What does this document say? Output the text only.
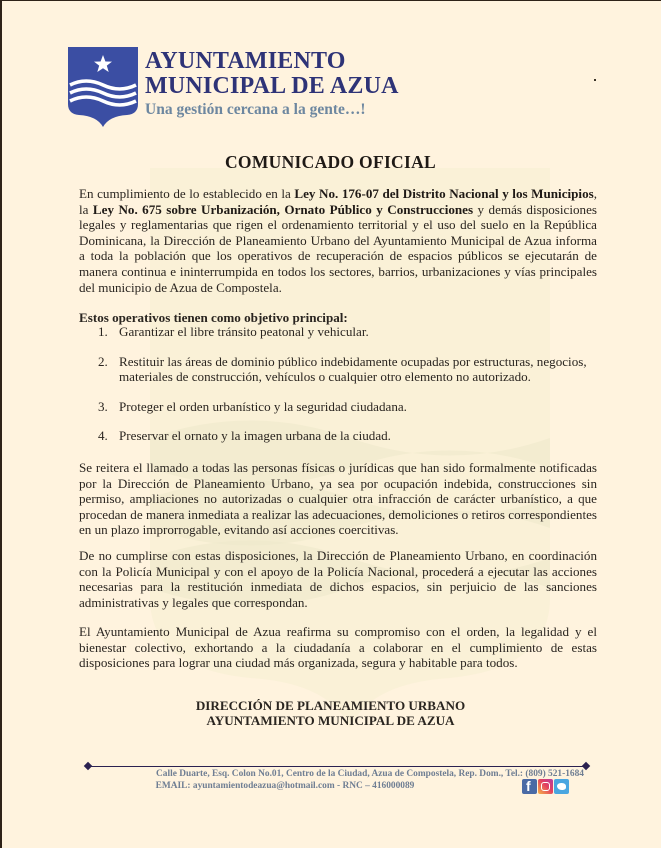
AYUNTAMIENTO
MUNICIPAL DE AZUA

Una gestión cercana a la gente…!

COMUNICADO OFICIAL

En cumplimiento de lo establecido en la Ley No. 176-07 del Distrito Nacional y los Municipios, la Ley No. 675 sobre Urbanización, Ornato Público y Construcciones y demás disposiciones legales y reglamentarias que rigen el ordenamiento territorial y el uso del suelo en la República Dominicana, la Dirección de Planeamiento Urbano del Ayuntamiento Municipal de Azua informa a toda la población que los operativos de recuperación de espacios públicos se ejecutarán de manera continua e ininterrumpida en todos los sectores, barrios, urbanizaciones y vías principales del municipio de Azua de Compostela.

Estos operativos tienen como objetivo principal:

1. Garantizar el libre tránsito peatonal y vehicular.
2. Restituir las áreas de dominio público indebidamente ocupadas por estructuras, negocios, materiales de construcción, vehículos o cualquier otro elemento no autorizado.
3. Proteger el orden urbanístico y la seguridad ciudadana.
4. Preservar el ornato y la imagen urbana de la ciudad.

Se reitera el llamado a todas las personas físicas o jurídicas que han sido formalmente notificadas por la Dirección de Planeamiento Urbano, ya sea por ocupación indebida, construcciones sin permiso, ampliaciones no autorizadas o cualquier otra infracción de carácter urbanístico, a que procedan de manera inmediata a realizar las adecuaciones, demoliciones o retiros correspondientes en un plazo improrrogable, evitando así acciones coercitivas.

De no cumplirse con estas disposiciones, la Dirección de Planeamiento Urbano, en coordinación con la Policía Municipal y con el apoyo de la Policía Nacional, procederá a ejecutar las acciones necesarias para la restitución inmediata de dichos espacios, sin perjuicio de las sanciones administrativas y legales que correspondan.

El Ayuntamiento Municipal de Azua reafirma su compromiso con el orden, la legalidad y el bienestar colectivo, exhortando a la ciudadanía a colaborar en el cumplimiento de estas disposiciones para lograr una ciudad más organizada, segura y habitable para todos.

DIRECCIÓN DE PLANEAMIENTO URBANO
AYUNTAMIENTO MUNICIPAL DE AZUA

Calle Duarte, Esq. Colon No.01, Centro de la Ciudad, Azua de Compostela, Rep. Dom., Tel.: (809) 521-1684

EMAIL: ayuntamientodeazua@hotmail.com - RNC – 416000089

f
